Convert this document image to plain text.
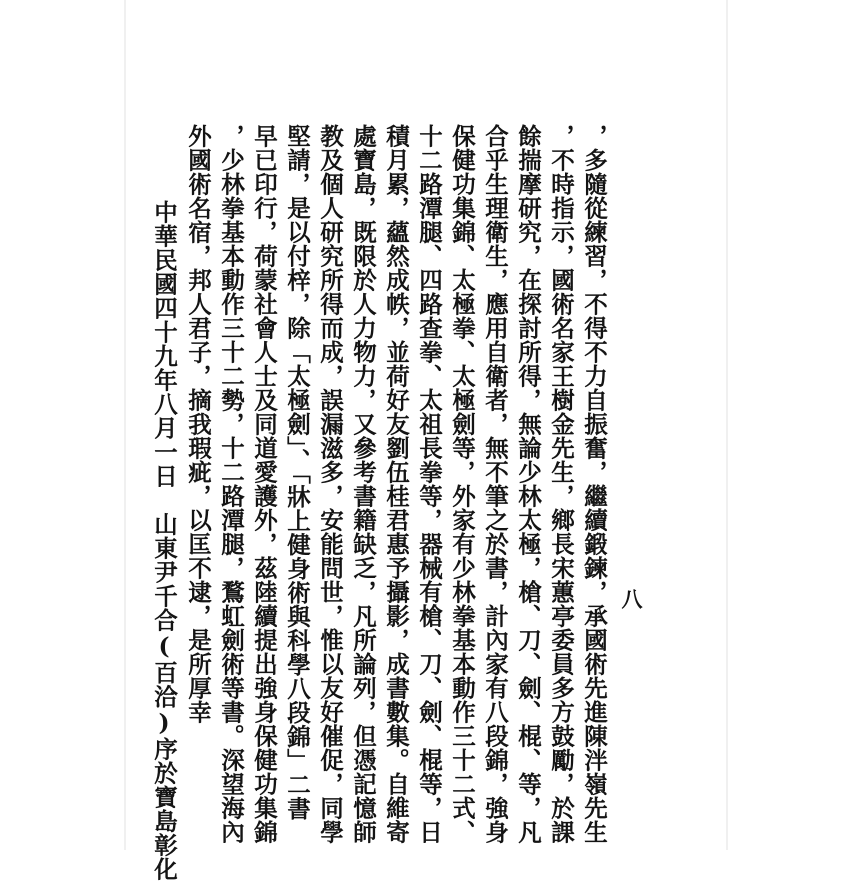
，多隨從練習，不得不力自振奮，繼續鍛鍊，承國術先進陳泮嶺先生
，不時指示，國術名家王樹金先生，鄉長宋蕙亭委員多方鼓勵，於課
餘揣摩研究，在探討所得，無論少林太極，槍、刀、劍、棍、等，凡
合乎生理衛生，應用自衛者，無不筆之於書，計內家有八段錦，強身
保健功集錦、太極拳、太極劍等，外家有少林拳基本動作三十二式、
十二路潭腿、四路查拳、太祖長拳等，器械有槍、刀、劍、棍等，日
積月累，蘊然成帙，並荷好友劉伍桂君惠予攝影，成書數集。自維寄
處寶島，既限於人力物力，又參考書籍缺乏，凡所論列，但憑記憶師
教及個人研究所得而成，誤漏滋多，安能問世，惟以友好催促，同學
堅請，是以付梓，除「太極劍」、「牀上健身術與科學八段錦」二書
早已印行，荷蒙社會人士及同道愛護外，茲陸續提出強身保健功集錦
，少林拳基本動作三十二勢，十二路潭腿，鶩虹劍術等書。深望海內
外國術名宿，邦人君子，摘我瑕疵，以匡不逮，是所厚幸
中華民國四十九年八月一日　山東尹千合(百洽)序於寶島彰化	八
